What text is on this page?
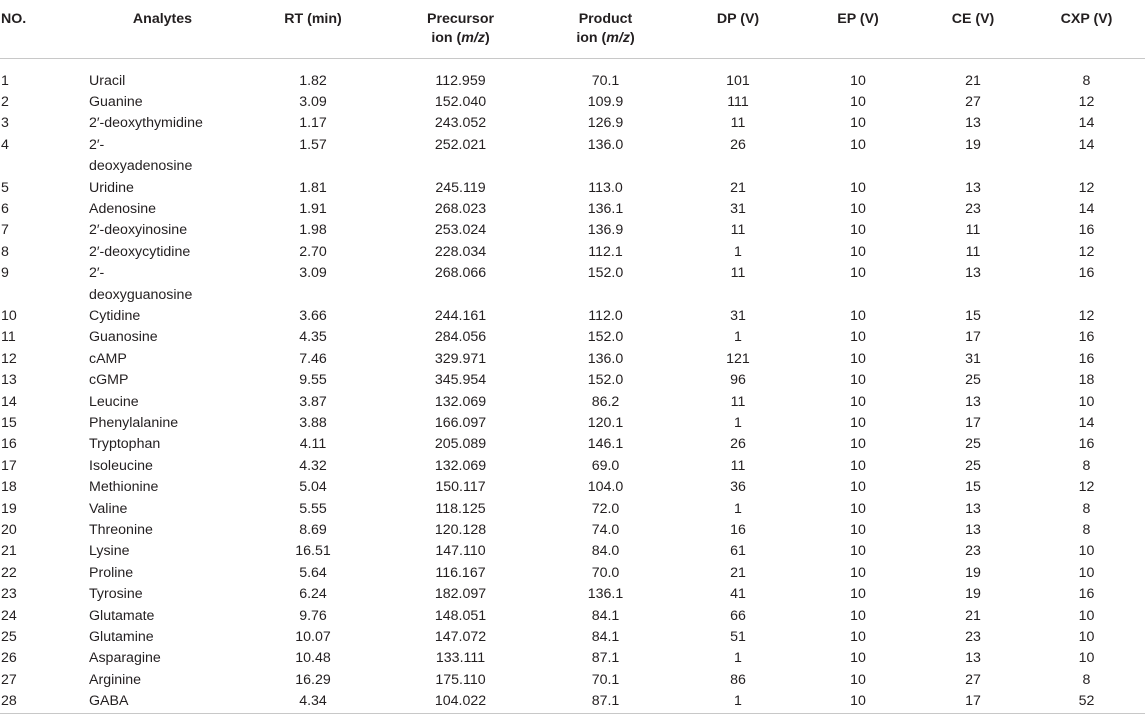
NO.	Analytes	RT (min)	Precursor
ion (m/z)	Product
ion (m/z)	DP (V)	EP (V)	CE (V)	CXP (V)
1	Uracil	1.82	112.959	70.1	101	10	21	8
2	Guanine	3.09	152.040	109.9	111	10	27	12
3	2′-deoxythymidine	1.17	243.052	126.9	11	10	13	14
4	2′-
deoxyadenosine	1.57	252.021	136.0	26	10	19	14
5	Uridine	1.81	245.119	113.0	21	10	13	12
6	Adenosine	1.91	268.023	136.1	31	10	23	14
7	2′-deoxyinosine	1.98	253.024	136.9	11	10	11	16
8	2′-deoxycytidine	2.70	228.034	112.1	1	10	11	12
9	2′-
deoxyguanosine	3.09	268.066	152.0	11	10	13	16
10	Cytidine	3.66	244.161	112.0	31	10	15	12
11	Guanosine	4.35	284.056	152.0	1	10	17	16
12	cAMP	7.46	329.971	136.0	121	10	31	16
13	cGMP	9.55	345.954	152.0	96	10	25	18
14	Leucine	3.87	132.069	86.2	11	10	13	10
15	Phenylalanine	3.88	166.097	120.1	1	10	17	14
16	Tryptophan	4.11	205.089	146.1	26	10	25	16
17	Isoleucine	4.32	132.069	69.0	11	10	25	8
18	Methionine	5.04	150.117	104.0	36	10	15	12
19	Valine	5.55	118.125	72.0	1	10	13	8
20	Threonine	8.69	120.128	74.0	16	10	13	8
21	Lysine	16.51	147.110	84.0	61	10	23	10
22	Proline	5.64	116.167	70.0	21	10	19	10
23	Tyrosine	6.24	182.097	136.1	41	10	19	16
24	Glutamate	9.76	148.051	84.1	66	10	21	10
25	Glutamine	10.07	147.072	84.1	51	10	23	10
26	Asparagine	10.48	133.111	87.1	1	10	13	10
27	Arginine	16.29	175.110	70.1	86	10	27	8
28	GABA	4.34	104.022	87.1	1	10	17	52
